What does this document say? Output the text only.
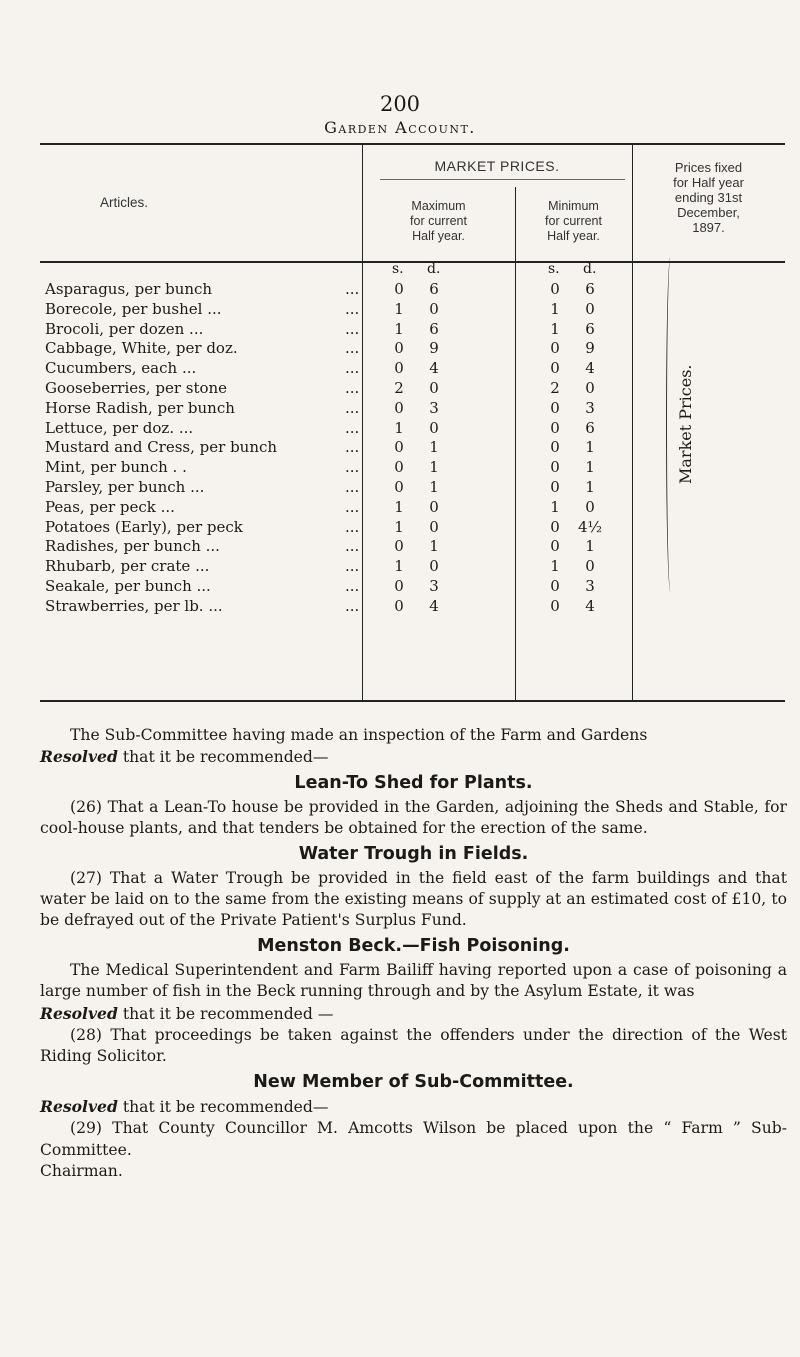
200
Garden Account.
Articles.
MARKET PRICES.
Maximum
for current
Half year.
Minimum
for current
Half year.
Prices fixed
for Half year
ending 31st
December,
1897.
s. d.	s. d.
Asparagus, per bunch	...	0	6	0	6
Borecole, per bushel ...	...	1	0	1	0
Brocoli, per dozen ...	...	1	6	1	6
Cabbage, White, per doz.	...	0	9	0	9
Cucumbers, each ...	...	0	4	0	4
Gooseberries, per stone	...	2	0	2	0
Horse Radish, per bunch	...	0	3	0	3
Lettuce, per doz. ...	...	1	0	0	6
Mustard and Cress, per bunch	...	0	1	0	1
Mint, per bunch . .	...	0	1	0	1
Parsley, per bunch ...	...	0	1	0	1
Peas, per peck ...	...	1	0	1	0
Potatoes (Early), per peck	...	1	0	0	4½
Radishes, per bunch ...	...	0	1	0	1
Rhubarb, per crate ...	...	1	0	1	0
Seakale, per bunch ...	...	0	3	0	3
Strawberries, per lb. ...	...	0	4	0	4
Market Prices.

The Sub-Committee having made an inspection of the Farm and Gardens

Resolved that it be recommended—

Lean-To Shed for Plants.

(26) That a Lean-To house be provided in the Garden, adjoining the Sheds and Stable, for cool-house plants, and that tenders be obtained for the erection of the same.

Water Trough in Fields.

(27) That a Water Trough be provided in the field east of the farm buildings and that water be laid on to the same from the existing means of supply at an estimated cost of £10, to be defrayed out of the Private Patient's Surplus Fund.

Menston Beck.—Fish Poisoning.

The Medical Superintendent and Farm Bailiff having reported upon a case of poisoning a large number of fish in the Beck running through and by the Asylum Estate, it was

Resolved that it be recommended —

(28) That proceedings be taken against the offenders under the direction of the West Riding Solicitor.

New Member of Sub-Committee.

Resolved that it be recommended—

(29) That County Councillor M. Amcotts Wilson be placed upon the “ Farm ” Sub-Committee.

Chairman.
